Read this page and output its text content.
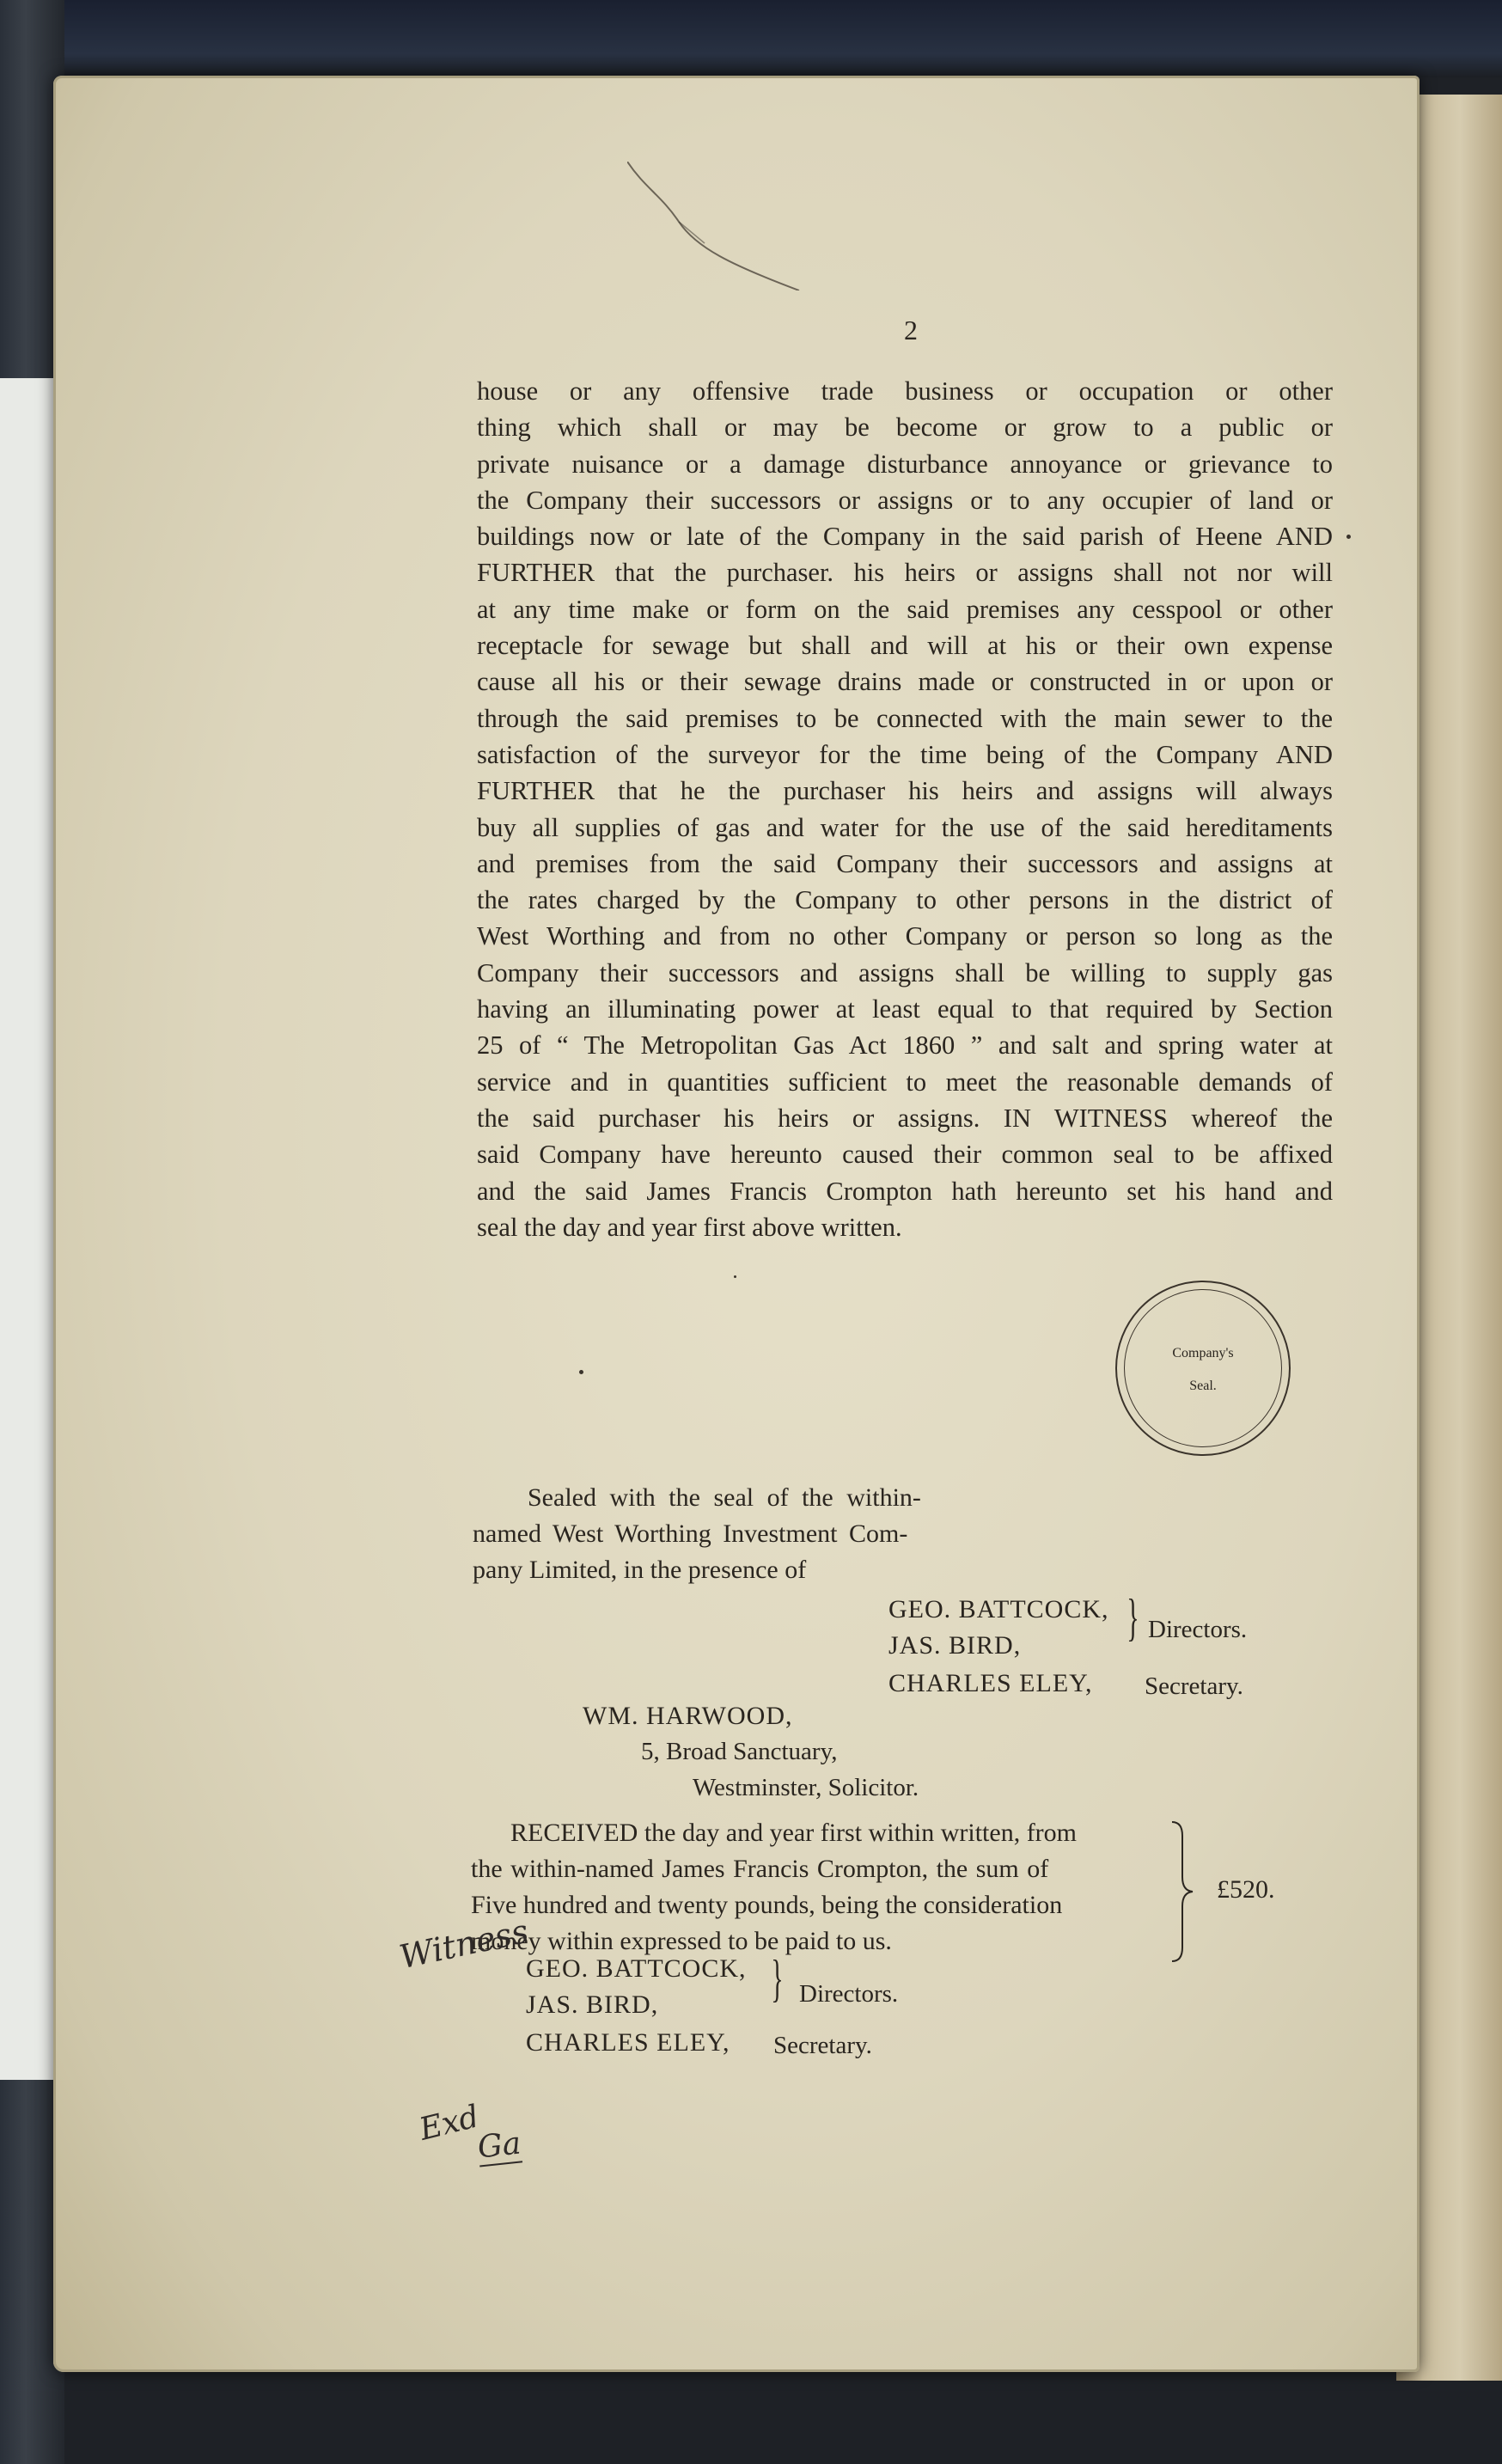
2
house or any offensive trade business or occupation or other
thing which shall or may be become or grow to a public or
private nuisance or a damage disturbance annoyance or grievance to
the Company their successors or assigns or to any occupier of land or
buildings now or late of the Company in the said parish of Heene AND
FURTHER that the purchaser. his heirs or assigns shall not nor will
at any time make or form on the said premises any cesspool or other
receptacle for sewage but shall and will at his or their own expense
cause all his or their sewage drains made or constructed in or upon or
through the said premises to be connected with the main sewer to the
satisfaction of the surveyor for the time being of the Company AND
FURTHER that he the purchaser his heirs and assigns will always
buy all supplies of gas and water for the use of the said hereditaments
and premises from the said Company their successors and assigns at
the rates charged by the Company to other persons in the district of
West Worthing and from no other Company or person so long as the
Company their successors and assigns shall be willing to supply gas
having an illuminating power at least equal to that required by Section
25 of “ The Metropolitan Gas Act 1860 ” and salt and spring water at
service and in quantities sufficient to meet the reasonable demands of
the said purchaser his heirs or assigns. IN WITNESS whereof the
said Company have hereunto caused their common seal to be affixed
and the said James Francis Crompton hath hereunto set his hand and
seal the day and year first above written.
Company's
Seal.
Sealed with the seal of the within-
named West Worthing Investment Com-
pany Limited, in the presence of
GEO. BATTCOCK,
JAS. BIRD, } Directors.
CHARLES ELEY, Secretary.
WM. HARWOOD,
5, Broad Sanctuary,
Westminster, Solicitor.
RECEIVED the day and year first within written, from
the within-named James Francis Crompton, the sum of
Five hundred and twenty pounds, being the consideration
money within expressed to be paid to us.
£520.
GEO. BATTCOCK,
JAS. BIRD, } Directors.
CHARLES ELEY, Secretary.
Witness
Exd
Ga
